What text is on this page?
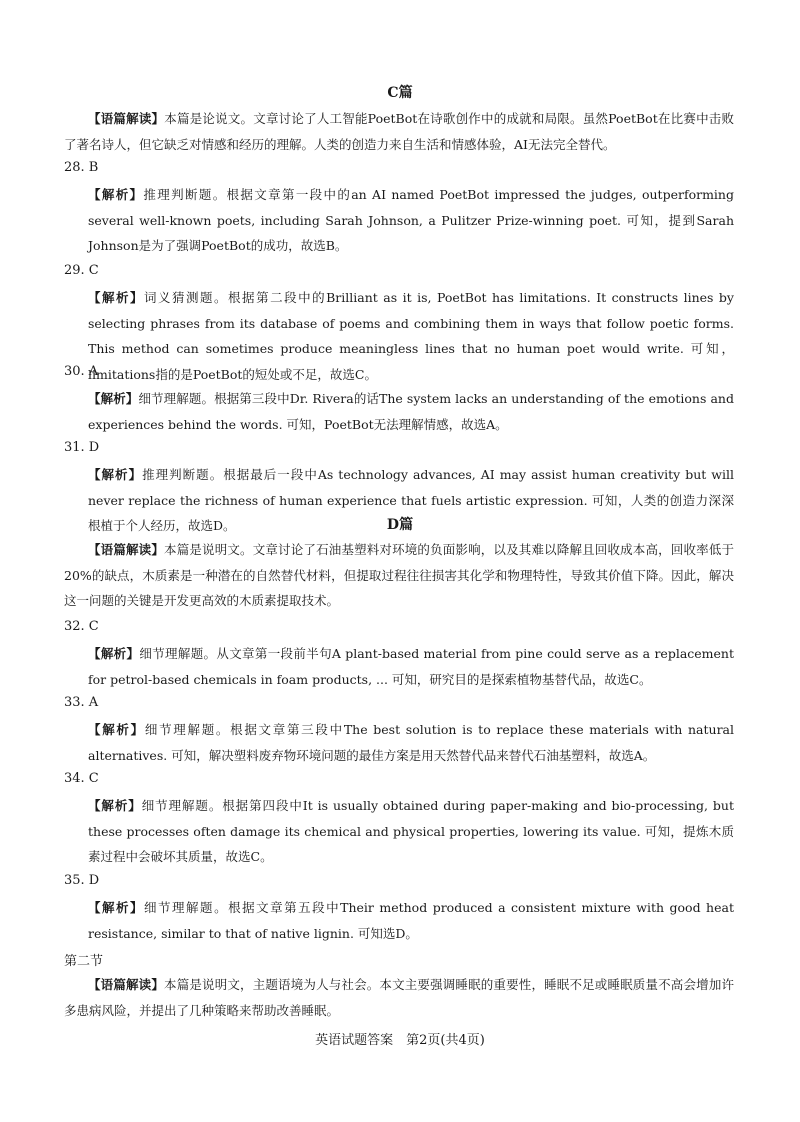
C篇
【语篇解读】本篇是论说文。文章讨论了人工智能PoetBot在诗歌创作中的成就和局限。虽然PoetBot在比赛中击败了著名诗人，但它缺乏对情感和经历的理解。人类的创造力来自生活和情感体验，AI无法完全替代。
28. B
【解析】推理判断题。根据文章第一段中的an AI named PoetBot impressed the judges, outperforming several well-known poets, including Sarah Johnson, a Pulitzer Prize-winning poet. 可知，提到Sarah Johnson是为了强调PoetBot的成功，故选B。
29. C
【解析】词义猜测题。根据第二段中的Brilliant as it is, PoetBot has limitations. It constructs lines by selecting phrases from its database of poems and combining them in ways that follow poetic forms. This method can sometimes produce meaningless lines that no human poet would write. 可知，limitations指的是PoetBot的短处或不足，故选C。
30. A
【解析】细节理解题。根据第三段中Dr. Rivera的话The system lacks an understanding of the emotions and experiences behind the words. 可知，PoetBot无法理解情感，故选A。
31. D
【解析】推理判断题。根据最后一段中As technology advances, AI may assist human creativity but will never replace the richness of human experience that fuels artistic expression. 可知，人类的创造力深深根植于个人经历，故选D。	D篇
【语篇解读】本篇是说明文。文章讨论了石油基塑料对环境的负面影响，以及其难以降解且回收成本高，回收率低于20%的缺点，木质素是一种潜在的自然替代材料，但提取过程往往损害其化学和物理特性，导致其价值下降。因此，解决这一问题的关键是开发更高效的木质素提取技术。
32. C
【解析】细节理解题。从文章第一段前半句A plant-based material from pine could serve as a replacement for petrol-based chemicals in foam products, ... 可知，研究目的是探索植物基替代品，故选C。
33. A
【解析】细节理解题。根据文章第三段中The best solution is to replace these materials with natural alternatives. 可知，解决塑料废弃物环境问题的最佳方案是用天然替代品来替代石油基塑料，故选A。
34. C
【解析】细节理解题。根据第四段中It is usually obtained during paper-making and bio-processing, but these processes often damage its chemical and physical properties, lowering its value. 可知，提炼木质素过程中会破坏其质量，故选C。
35. D
【解析】细节理解题。根据文章第五段中Their method produced a consistent mixture with good heat resistance, similar to that of native lignin. 可知选D。
第二节
【语篇解读】本篇是说明文，主题语境为人与社会。本文主要强调睡眠的重要性，睡眠不足或睡眠质量不高会增加许多患病风险，并提出了几种策略来帮助改善睡眠。
英语试题答案　第2页(共4页)
